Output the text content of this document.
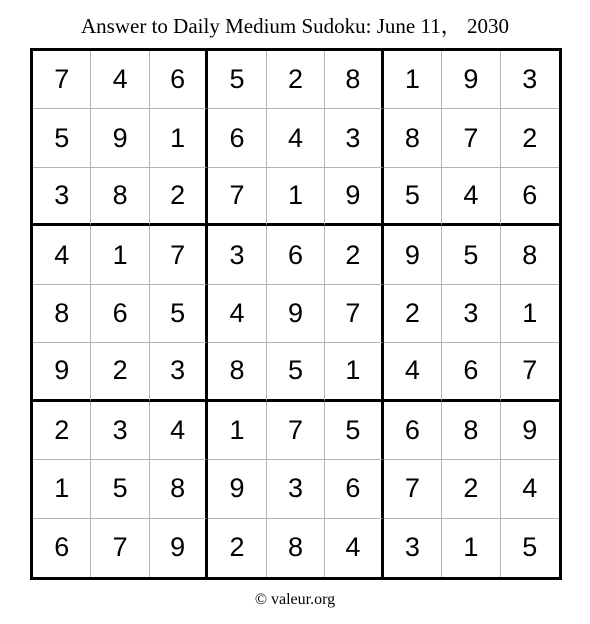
Answer to Daily Medium Sudoku: June 11， 2030
7	4	6	5	2	8	1	9	3
5	9	1	6	4	3	8	7	2
3	8	2	7	1	9	5	4	6
4	1	7	3	6	2	9	5	8
8	6	5	4	9	7	2	3	1
9	2	3	8	5	1	4	6	7
2	3	4	1	7	5	6	8	9
1	5	8	9	3	6	7	2	4
6	7	9	2	8	4	3	1	5
© valeur.org
